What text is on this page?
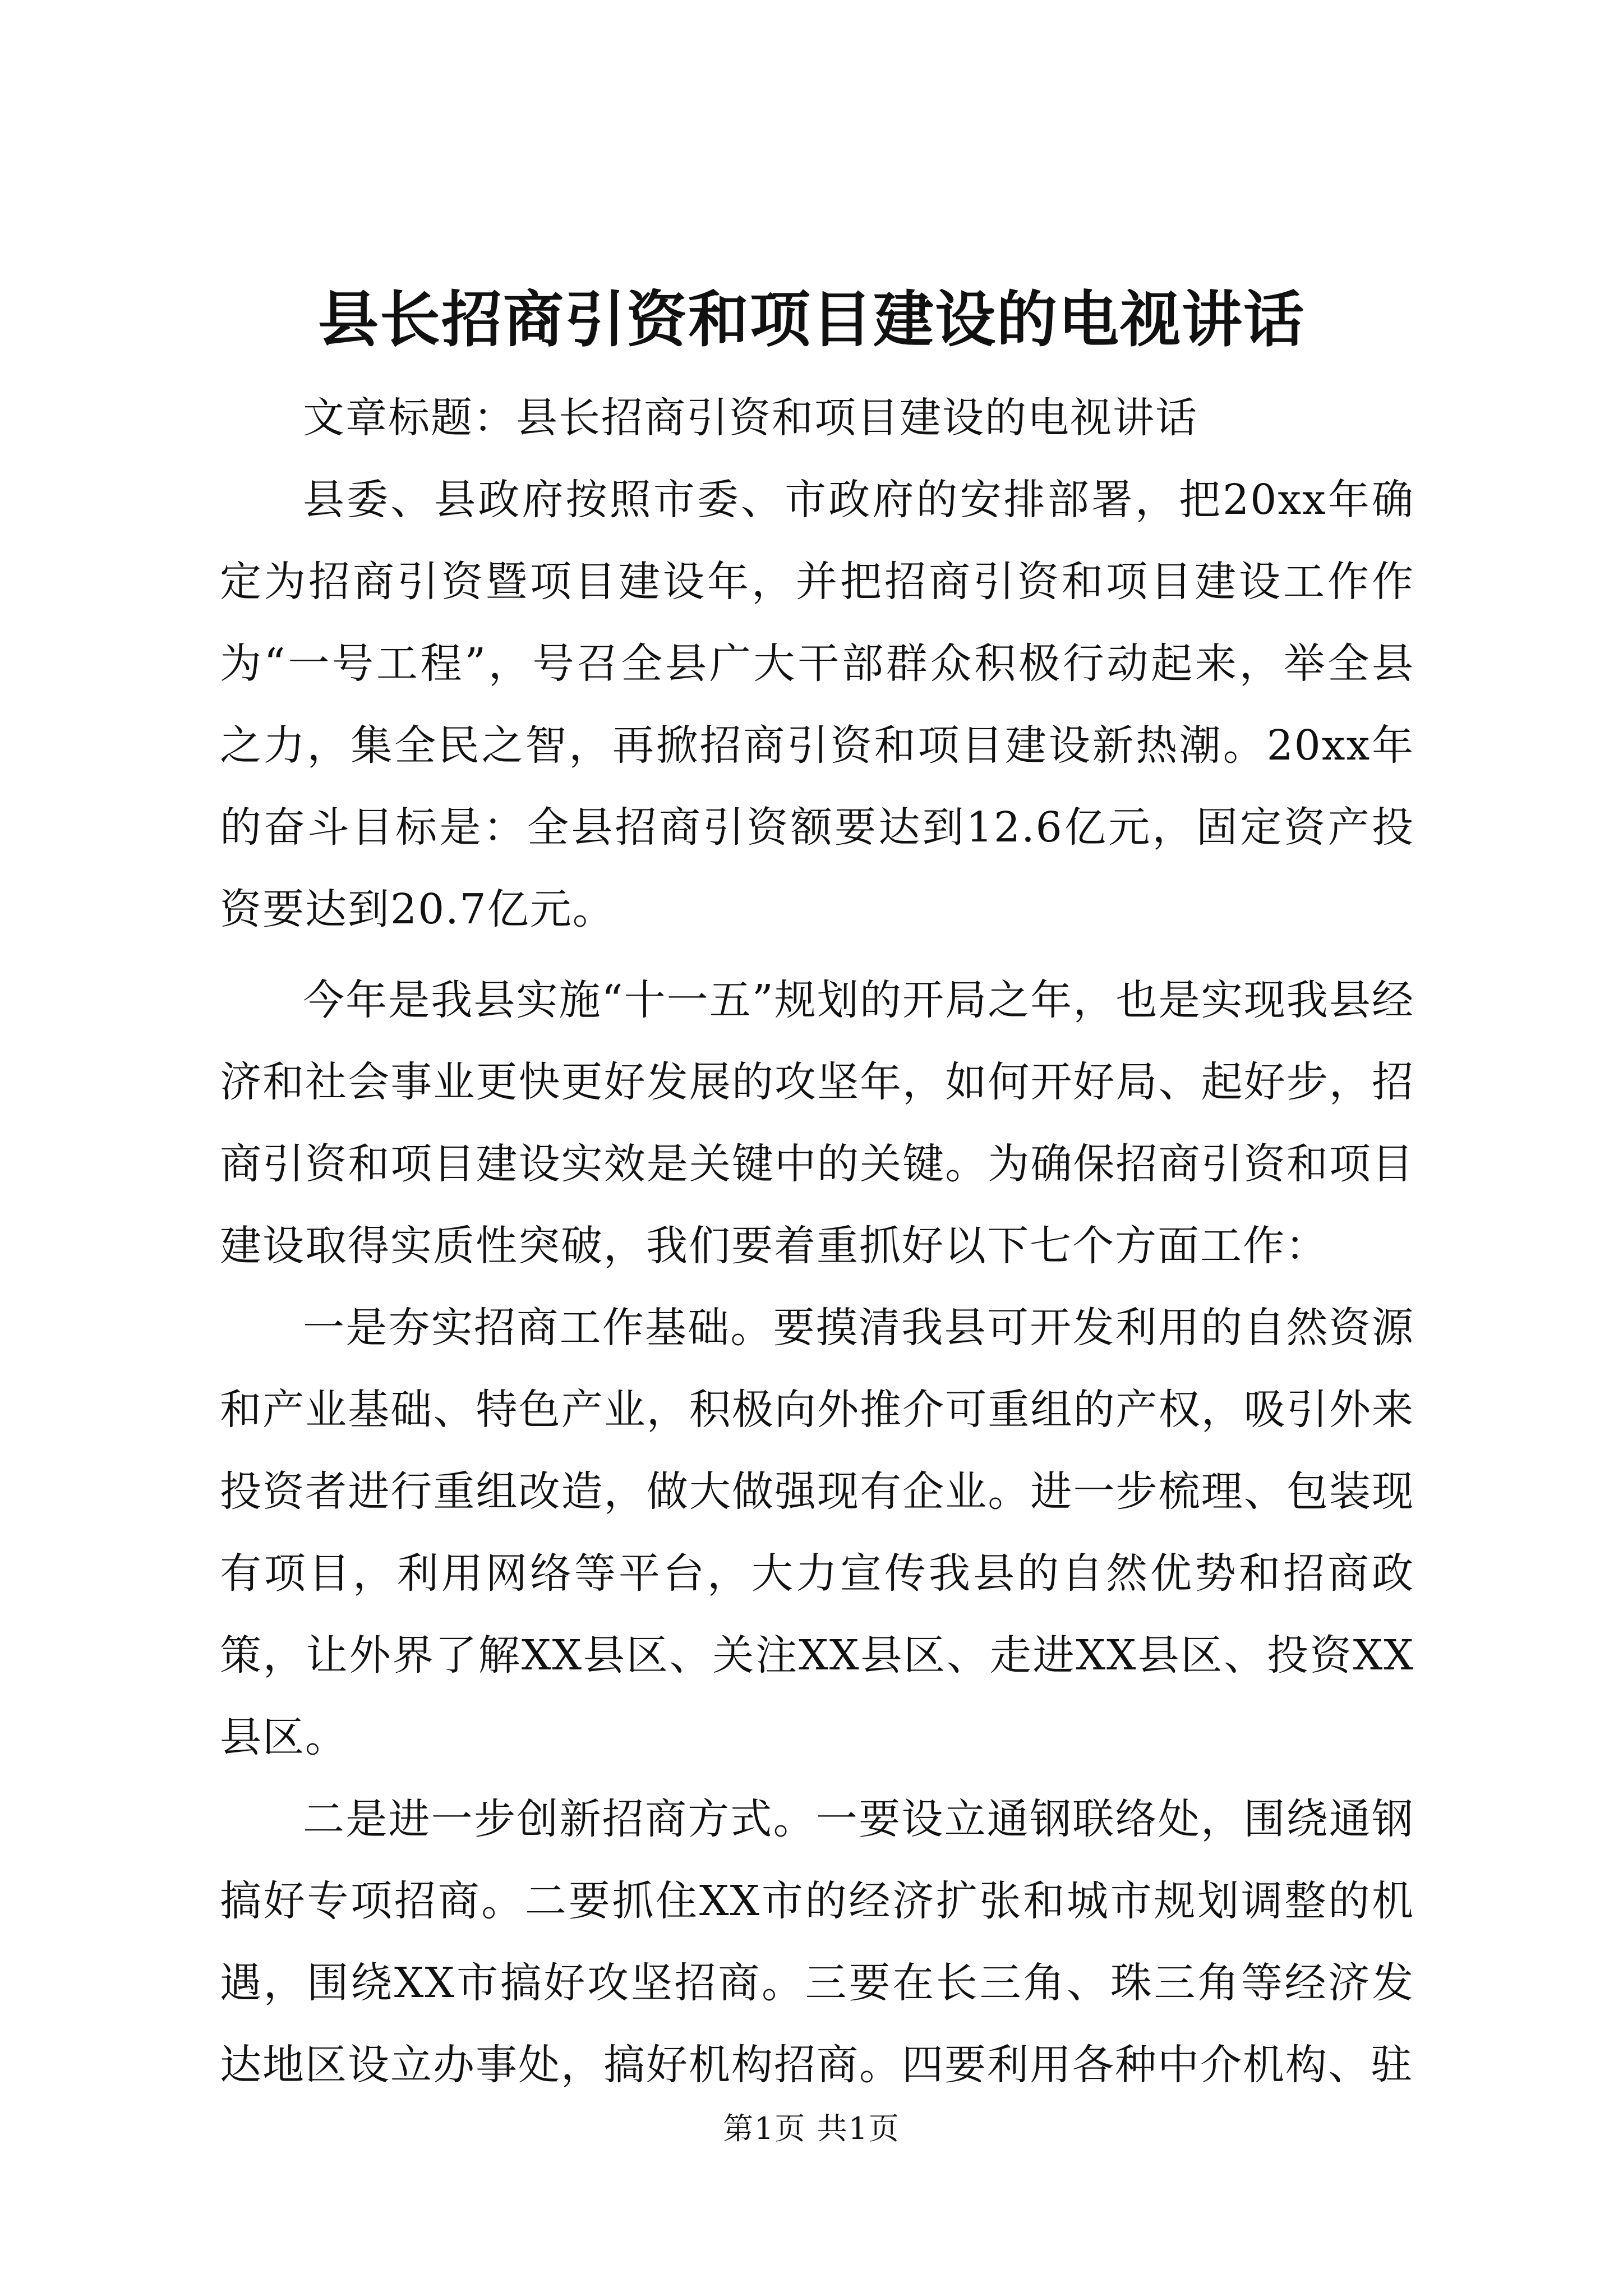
县长招商引资和项目建设的电视讲话

文章标题：县长招商引资和项目建设的电视讲话

县委、县政府按照市委、市政府的安排部署，把20xx年确定为招商引资暨项目建设年，并把招商引资和项目建设工作作为“一号工程”，号召全县广大干部群众积极行动起来，举全县之力，集全民之智，再掀招商引资和项目建设新热潮。20xx年的奋斗目标是：全县招商引资额要达到12.6亿元，固定资产投资要达到20.7亿元。

今年是我县实施“十一五”规划的开局之年，也是实现我县经济和社会事业更快更好发展的攻坚年，如何开好局、起好步，招商引资和项目建设实效是关键中的关键。为确保招商引资和项目建设取得实质性突破，我们要着重抓好以下七个方面工作：

一是夯实招商工作基础。要摸清我县可开发利用的自然资源和产业基础、特色产业，积极向外推介可重组的产权，吸引外来投资者进行重组改造，做大做强现有企业。进一步梳理、包装现有项目，利用网络等平台，大力宣传我县的自然优势和招商政策，让外界了解XX县区、关注XX县区、走进XX县区、投资XX县区。

二是进一步创新招商方式。一要设立通钢联络处，围绕通钢搞好专项招商。二要抓住XX市的经济扩张和城市规划调整的机遇，围绕XX市搞好攻坚招商。三要在长三角、珠三角等经济发达地区设立办事处，搞好机构招商。四要利用各种中介机构、驻

第1页 共1页
